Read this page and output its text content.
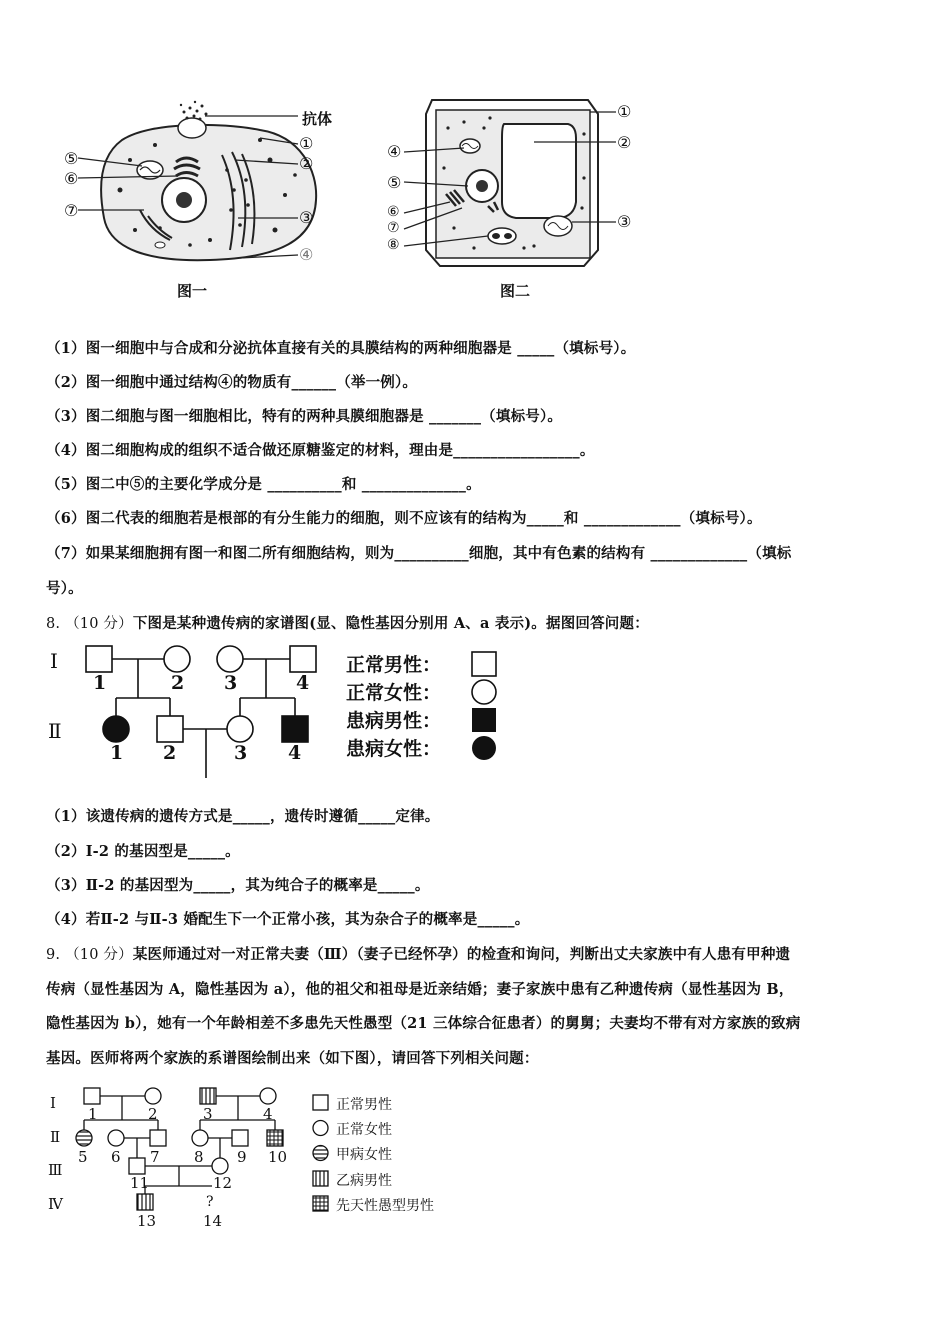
抗体
①
②
③
④
⑤
⑥
⑦
图一
①
②
③
④
⑤
⑥
⑦
⑧
图二
（1）图一细胞中与合成和分泌抗体直接有关的具膜结构的两种细胞器是 _____（填标号）。
（2）图一细胞中通过结构④的物质有______（举一例）。
（3）图二细胞与图一细胞相比，特有的两种具膜细胞器是 _______（填标号）。
（4）图二细胞构成的组织不适合做还原糖鉴定的材料，理由是_________________。
（5）图二中⑤的主要化学成分是 __________和 ______________。
（6）图二代表的细胞若是根部的有分生能力的细胞，则不应该有的结构为_____和 _____________（填标号）。
（7）如果某细胞拥有图一和图二所有细胞结构，则为__________细胞，其中有色素的结构有 _____________（填标
号）。
8. （10 分）下图是某种遗传病的家谱图(显、隐性基因分别用 A、a 表示)。据图回答问题：
Ⅰ
Ⅱ
1	2 3	4
1 2	3 4
正常男性：
正常女性：
患病男性：
患病女性：
（1）该遗传病的遗传方式是_____，遗传时遵循_____定律。
（2）Ⅰ-2 的基因型是_____。
（3）Ⅱ-2 的基因型为_____，其为纯合子的概率是_____。
（4）若Ⅱ-2 与Ⅱ-3 婚配生下一个正常小孩，其为杂合子的概率是_____。
9. （10 分）某医师通过对一对正常夫妻（Ⅲ）（妻子已经怀孕）的检查和询问，判断出丈夫家族中有人患有甲种遗
传病（显性基因为 A，隐性基因为 a），他的祖父和祖母是近亲结婚；妻子家族中患有乙种遗传病（显性基因为 B，
隐性基因为 b），她有一个年龄相差不多患先天性愚型（21 三体综合征患者）的舅舅；夫妻均不带有对方家族的致病
基因。医师将两个家族的系谱图绘制出来（如下图），请回答下列相关问题：
Ⅰ
Ⅱ
Ⅲ
Ⅳ
1	2	3	4
5 6 7 8 9 10
11	12
13
?
14
正常男性
正常女性
甲病女性
乙病男性
先天性愚型男性
